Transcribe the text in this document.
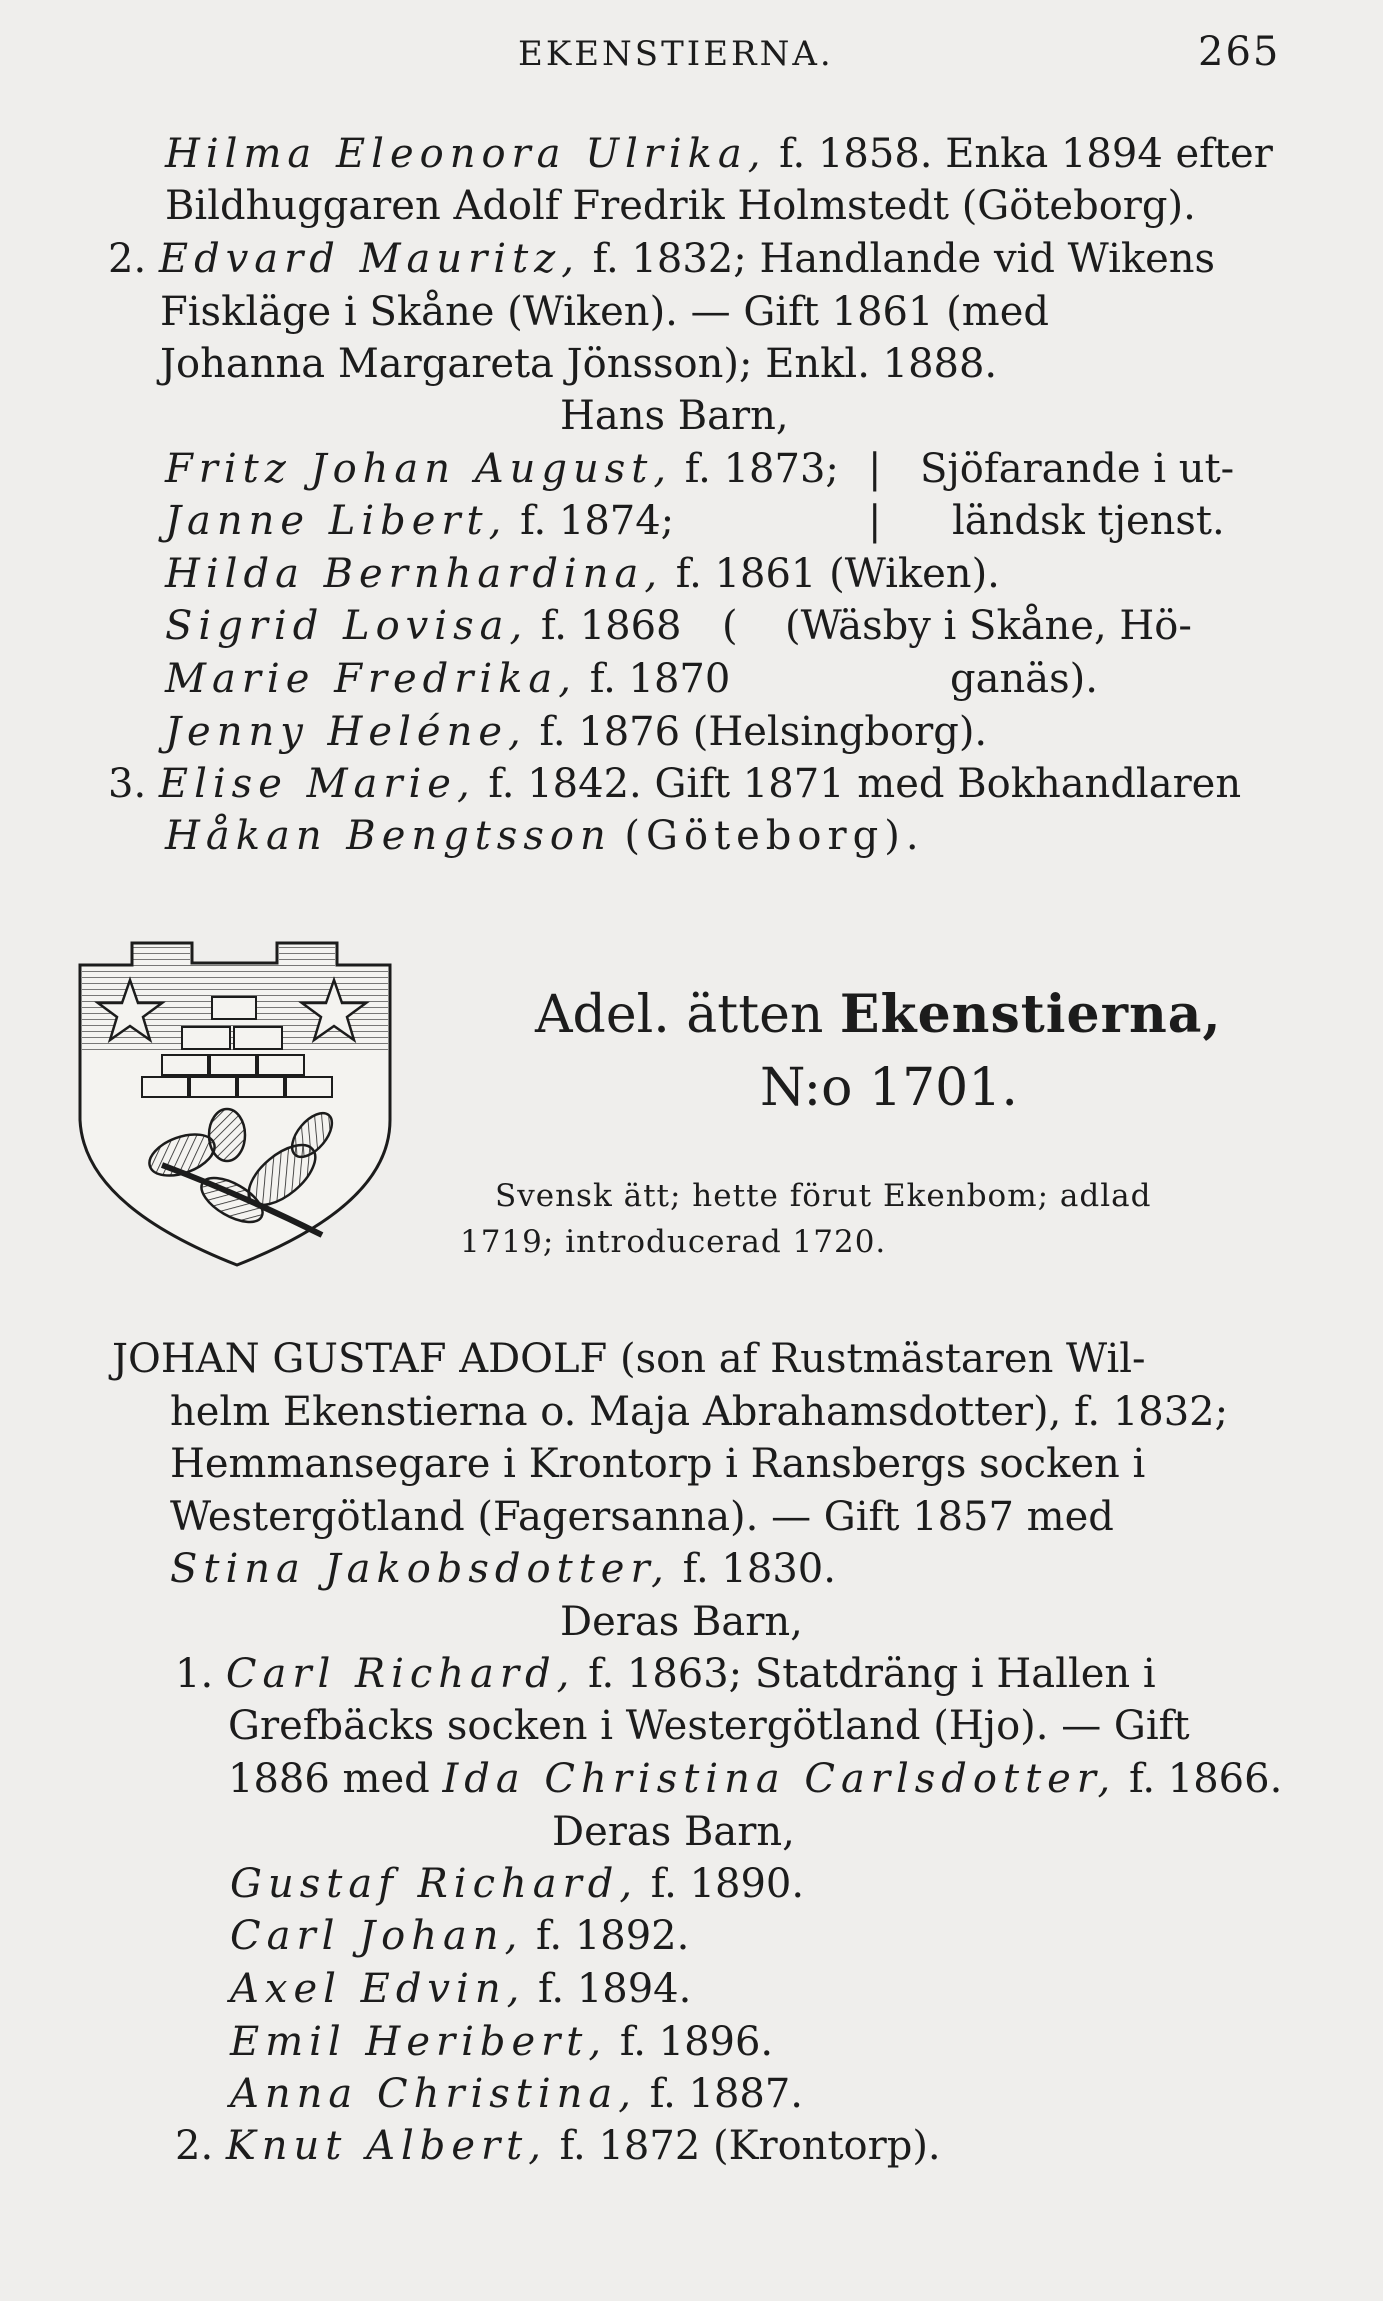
EKENSTIERNA.	265
Hilma Eleonora Ulrika, f. 1858. Enka 1894 efter
Bildhuggaren Adolf Fredrik Holmstedt (Göteborg).
2. Edvard Mauritz, f. 1832; Handlande vid Wikens
Fiskläge i Skåne (Wiken). — Gift 1861 (med
Johanna Margareta Jönsson); Enkl. 1888.
Hans Barn,
Fritz Johan August, f. 1873;
Janne Libert, f. 1874;
|
|
Sjöfarande i ut-
ländsk tjenst.
Hilda Bernhardina, f. 1861 (Wiken).
Sigrid Lovisa, f. 1868
Marie Fredrika, f. 1870
( (Wäsby i Skåne, Hö-
ganäs).
Jenny Heléne, f. 1876 (Helsingborg).
3. Elise Marie, f. 1842. Gift 1871 med Bokhandlaren
Håkan Bengtsson (Göteborg).
Adel. ätten Ekenstierna,
N:o 1701.
Svensk ätt; hette förut Ekenbom; adlad
1719; introducerad 1720.
JOHAN GUSTAF ADOLF (son af Rustmästaren Wil-
helm Ekenstierna o. Maja Abrahamsdotter), f. 1832;
Hemmansegare i Krontorp i Ransbergs socken i
Westergötland (Fagersanna). — Gift 1857 med
Stina Jakobsdotter, f. 1830.
Deras Barn,
1. Carl Richard, f. 1863; Statdräng i Hallen i
Grefbäcks socken i Westergötland (Hjo). — Gift
1886 med Ida Christina Carlsdotter, f. 1866.
Deras Barn,
Gustaf Richard, f. 1890.
Carl Johan, f. 1892.
Axel Edvin, f. 1894.
Emil Heribert, f. 1896.
Anna Christina, f. 1887.
2. Knut Albert, f. 1872 (Krontorp).
